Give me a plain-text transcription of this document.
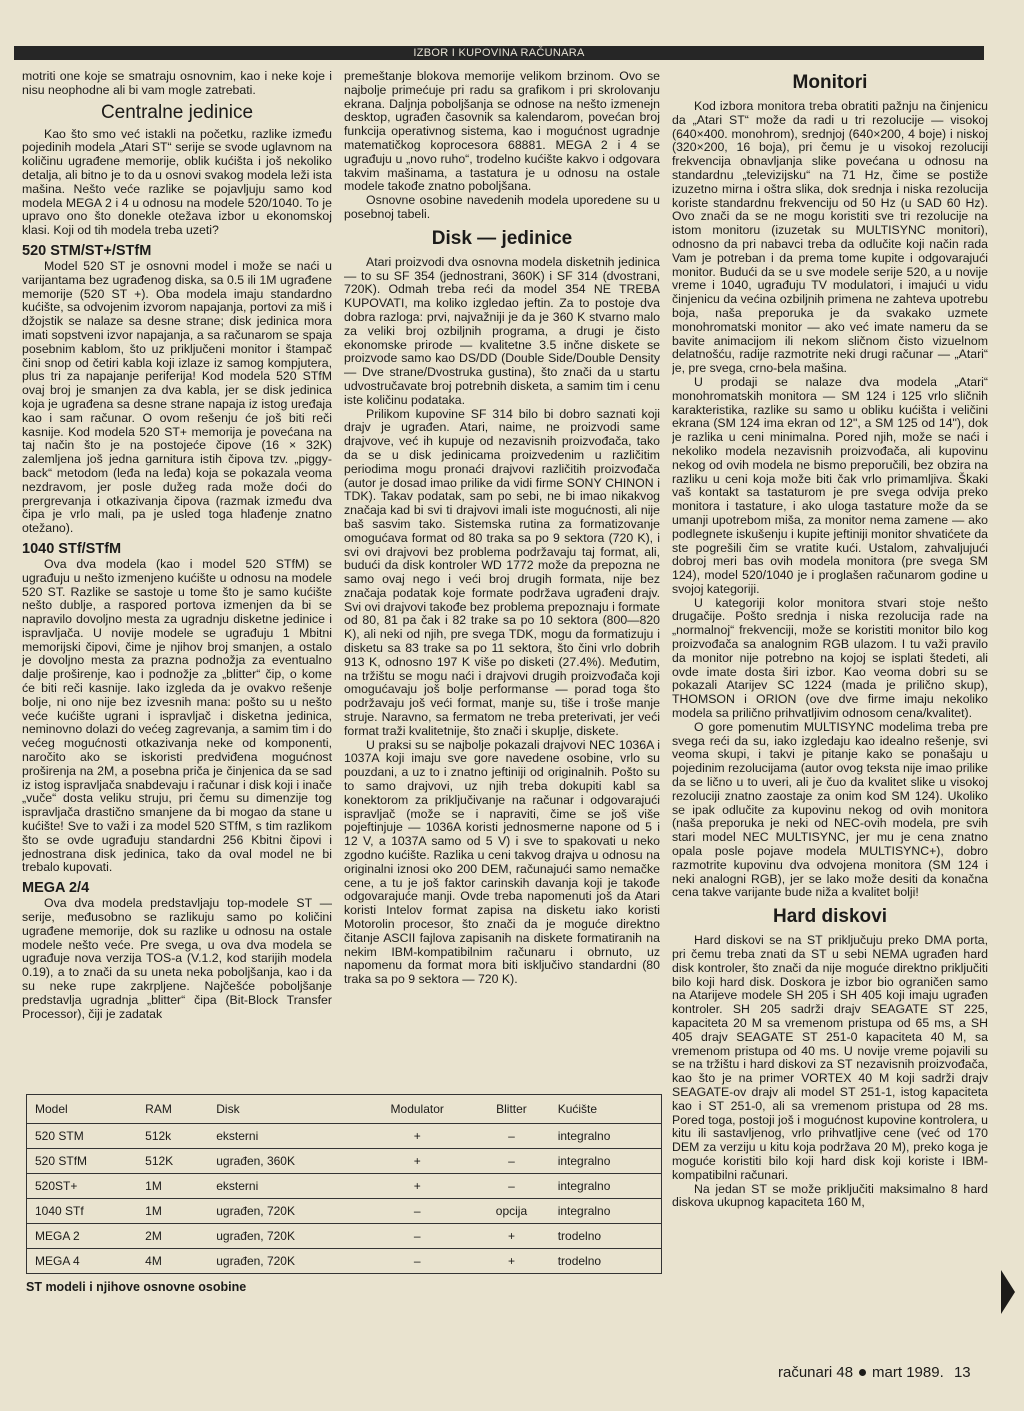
IZBOR I KUPOVINA RAČUNARA

motriti one koje se smatraju osnovnim, kao i neke koje i nisu neophodne ali bi vam mogle zatrebati.

Centralne jedinice

Kao što smo već istakli na početku, razlike između pojedinih modela „Atari ST“ serije se svode uglavnom na količinu ugrađene memorije, oblik kućišta i još nekoliko detalja, ali bitno je to da u osnovi svakog modela leži ista mašina. Nešto veće razlike se pojavljuju samo kod modela MEGA 2 i 4 u odnosu na modele 520/1040. To je upravo ono što donekle otežava izbor u ekonomskoj klasi. Koji od tih modela treba uzeti?

520 STM/ST+/STfM

Model 520 ST je osnovni model i može se naći u varijantama bez ugrađenog diska, sa 0.5 ili 1M ugrađene memorije (520 ST +). Oba modela imaju standardno kućište, sa odvojenim izvorom napajanja, portovi za miš i džojstik se nalaze sa desne strane; disk jedinica mora imati sopstveni izvor napajanja, a sa računarom se spaja posebnim kablom, što uz priključeni monitor i štampač čini snop od četiri kabla koji izlaze iz samog kompjutera, plus tri za napajanje periferija! Kod modela 520 STfM ovaj broj je smanjen za dva kabla, jer se disk jedinica koja je ugrađena sa desne strane napaja iz istog uređaja kao i sam računar. O ovom rešenju će još biti reči kasnije. Kod modela 520 ST+ memorija je povećana na taj način što je na postojeće čipove (16 × 32K) zalemljena još jedna garnitura istih čipova tzv. „piggy-back“ metodom (leđa na leđa) koja se pokazala veoma nezdravom, jer posle dužeg rada može doći do prergrevanja i otkazivanja čipova (razmak između dva čipa je vrlo mali, pa je usled toga hlađenje znatno otežano).

1040 STf/STfM

Ova dva modela (kao i model 520 STfM) se ugrađuju u nešto izmenjeno kućište u odnosu na modele 520 ST. Razlike se sastoje u tome što je samo kućište nešto dublje, a raspored portova izmenjen da bi se napravilo dovoljno mesta za ugradnju disketne jedinice i ispravljača. U novije modele se ugrađuju 1 Mbitni memorijski čipovi, čime je njihov broj smanjen, a ostalo je dovoljno mesta za prazna podnožja za eventualno dalje proširenje, kao i podnožje za „blitter“ čip, o kome će biti reči kasnije. Iako izgleda da je ovakvo rešenje bolje, ni ono nije bez izvesnih mana: pošto su u nešto veće kućište ugrani i ispravljač i disketna jedinica, neminovno dolazi do većeg zagrevanja, a samim tim i do većeg mogućnosti otkazivanja neke od komponenti, naročito ako se iskoristi predviđena mogućnost proširenja na 2M, a posebna priča je činjenica da se sad iz istog ispravljača snabdevaju i računar i disk koji i inače „vuče“ dosta veliku struju, pri čemu su dimenzije tog ispravljača drastično smanjene da bi mogao da stane u kućište! Sve to važi i za model 520 STfM, s tim razlikom što se ovde ugrađuju standardni 256 Kbitni čipovi i jednostrana disk jedinica, tako da oval model ne bi trebalo kupovati.

MEGA 2/4

Ova dva modela predstavljaju top-modele ST — serije, međusobno se razlikuju samo po količini ugrađene memorije, dok su razlike u odnosu na ostale modele nešto veće. Pre svega, u ova dva modela se ugrađuje nova verzija TOS-a (V.1.2, kod starijih modela 0.19), a to znači da su uneta neka poboljšanja, kao i da su neke rupe zakrpljene. Najčešće poboljšanje predstavlja ugradnja „blitter“ čipa (Bit-Block Transfer Processor), čiji je zadatak

premeštanje blokova memorije velikom brzinom. Ovo se najbolje primećuje pri radu sa grafikom i pri skrolovanju ekrana. Daljnja poboljšanja se odnose na nešto izmenejn desktop, ugrađen časovnik sa kalendarom, povećan broj funkcija operativnog sistema, kao i mogućnost ugradnje matematičkog koprocesora 68881. MEGA 2 i 4 se ugrađuju u „novo ruho“, trodelno kućište kakvo i odgovara takvim mašinama, a tastatura je u odnosu na ostale modele takođe znatno poboljšana.

Osnovne osobine navedenih modela uporedene su u posebnoj tabeli.

Disk — jedinice

Atari proizvodi dva osnovna modela disketnih jedinica — to su SF 354 (jednostrani, 360K) i SF 314 (dvostrani, 720K). Odmah treba reći da model 354 NE TREBA KUPOVATI, ma koliko izgledao jeftin. Za to postoje dva dobra razloga: prvi, najvažniji je da je 360 K stvarno malo za veliki broj ozbiljnih programa, a drugi je čisto ekonomske prirode — kvalitetne 3.5 inčne diskete se proizvode samo kao DS/DD (Double Side/Double Density — Dve strane/Dvostruka gustina), što znači da u startu udvostručavate broj potrebnih disketa, a samim tim i cenu iste količinu podataka.

Prilikom kupovine SF 314 bilo bi dobro saznati koji drajv je ugrađen. Atari, naime, ne proizvodi same drajvove, već ih kupuje od nezavisnih proizvođača, tako da se u disk jedinicama proizvedenim u različitim periodima mogu pronaći drajvovi različitih proizvođača (autor je dosad imao prilike da vidi firme SONY CHINON i TDK). Takav podatak, sam po sebi, ne bi imao nikakvog značaja kad bi svi ti drajvovi imali iste mogućnosti, ali nije baš sasvim tako. Sistemska rutina za formatizovanje omogućava format od 80 traka sa po 9 sektora (720 K), i svi ovi drajvovi bez problema podržavaju taj format, ali, budući da disk kontroler WD 1772 može da prepozna ne samo ovaj nego i veći broj drugih formata, nije bez značaja podatak koje formate podržava ugrađeni drajv. Svi ovi drajvovi takođe bez problema prepoznaju i formate od 80, 81 pa čak i 82 trake sa po 10 sektora (800—820 K), ali neki od njih, pre svega TDK, mogu da formatizuju i disketu sa 83 trake sa po 11 sektora, što čini vrlo dobrih 913 K, odnosno 197 K više po disketi (27.4%). Međutim, na tržištu se mogu naći i drajvovi drugih proizvođača koji omogućavaju još bolje performanse — porad toga što podržavaju još veći format, manje su, tiše i troše manje struje. Naravno, sa fermatom ne treba preterivati, jer veći format traži kvalitetnije, što znači i skuplje, diskete.

U praksi su se najbolje pokazali drajvovi NEC 1036A i 1037A koji imaju sve gore navedene osobine, vrlo su pouzdani, a uz to i znatno jeftiniji od originalnih. Pošto su to samo drajvovi, uz njih treba dokupiti kabl sa konektorom za priključivanje na računar i odgovarajući ispravljač (može se i napraviti, čime se još više pojeftinjuje — 1036A koristi jednosmerne napone od 5 i 12 V, a 1037A samo od 5 V) i sve to spakovati u neko zgodno kućište. Razlika u ceni takvog drajva u odnosu na originalni iznosi oko 200 DEM, računajući samo nemačke cene, a tu je još faktor carinskih davanja koji je takođe odgovarajuće manji. Ovde treba napomenuti još da Atari koristi Intelov format zapisa na disketu iako koristi Motorolin procesor, što znači da je moguće direktno čitanje ASCII fajlova zapisanih na diskete formatiranih na nekim IBM-kompatibilnim računaru i obrnuto, uz napomenu da format mora biti isključivo standardni (80 traka sa po 9 sektora — 720 K).

Monitori

Kod izbora monitora treba obratiti pažnju na činjenicu da „Atari ST“ može da radi u tri rezolucije — visokoj (640×400. monohrom), srednjoj (640×200, 4 boje) i niskoj (320×200, 16 boja), pri čemu je u visokoj rezoluciji frekvencija obnavljanja slike povećana u odnosu na standardnu „televizijsku“ na 71 Hz, čime se postiže izuzetno mirna i oštra slika, dok srednja i niska rezolucija koriste standardnu frekvenciju od 50 Hz (u SAD 60 Hz). Ovo znači da se ne mogu koristiti sve tri rezolucije na istom monitoru (izuzetak su MULTISYNC monitori), odnosno da pri nabavci treba da odlučite koji način rada Vam je potreban i da prema tome kupite i odgovarajući monitor. Budući da se u sve modele serije 520, a u novije vreme i 1040, ugrađuju TV modulatori, i imajući u vidu činjenicu da većina ozbiljnih primena ne zahteva upotrebu boja, naša preporuka je da svakako uzmete monohromatski monitor — ako već imate nameru da se bavite animacijom ili nekom sličnom čisto vizuelnom delatnošću, radije razmotrite neki drugi računar — „Atari“ je, pre svega, crno-bela mašina.

U prodaji se nalaze dva modela „Atari“ monohromatskih monitora — SM 124 i 125 vrlo sličnih karakteristika, razlike su samo u obliku kućišta i veličini ekrana (SM 124 ima ekran od 12", a SM 125 od 14"), dok je razlika u ceni minimalna. Pored njih, može se naći i nekoliko modela nezavisnih proizvođača, ali kupovinu nekog od ovih modela ne bismo preporučili, bez obzira na razliku u ceni koja može biti čak vrlo primamljiva. Škaki vaš kontakt sa tastaturom je pre svega odvija preko monitora i tastature, i ako uloga tastature može da se umanji upotrebom miša, za monitor nema zamene — ako podlegnete iskušenju i kupite jeftiniji monitor shvatićete da ste pogrešili čim se vratite kući. Ustalom, zahvaljujući dobroj meri bas ovih modela monitora (pre svega SM 124), model 520/1040 je i proglašen računarom godine u svojoj kategoriji.

U kategoriji kolor monitora stvari stoje nešto drugačije. Pošto srednja i niska rezolucija rade na „normalnoj“ frekvenciji, može se koristiti monitor bilo kog proizvođača sa analognim RGB ulazom. I tu važi pravilo da monitor nije potrebno na kojoj se isplati štedeti, ali ovde imate dosta širi izbor. Kao veoma dobri su se pokazali Atarijev SC 1224 (mada je prilično skup), THOMSON i ORION (ove dve firme imaju nekoliko modela sa prilično prihvatljivim odnosom cena/kvalitet).

O gore pomenutim MULTISYNC modelima treba pre svega reći da su, iako izgledaju kao idealno rešenje, svi veoma skupi, i takvi je pitanje kako se ponašaju u pojedinim rezolucijama (autor ovog teksta nije imao prilike da se lično u to uveri, ali je čuo da kvalitet slike u visokoj rezoluciji znatno zaostaje za onim kod SM 124). Ukoliko se ipak odlučite za kupovinu nekog od ovih monitora (naša preporuka je neki od NEC-ovih modela, pre svih stari model NEC MULTISYNC, jer mu je cena znatno opala posle pojave modela MULTISYNC+), dobro razmotrite kupovinu dva odvojena monitora (SM 124 i neki analogni RGB), jer se lako može desiti da konačna cena takve varijante bude niža a kvalitet bolji!

Hard diskovi

Hard diskovi se na ST priključuju preko DMA porta, pri čemu treba znati da ST u sebi NEMA ugrađen hard disk kontroler, što znači da nije moguće direktno priključiti bilo koji hard disk. Doskora je izbor bio ograničen samo na Atarijeve modele SH 205 i SH 405 koji imaju ugrađen kontroler. SH 205 sadrži drajv SEAGATE ST 225, kapaciteta 20 M sa vremenom pristupa od 65 ms, a SH 405 drajv SEAGATE ST 251-0 kapaciteta 40 M, sa vremenom pristupa od 40 ms. U novije vreme pojavili su se na tržištu i hard diskovi za ST nezavisnih proizvođača, kao što je na primer VORTEX 40 M koji sadrži drajv SEAGATE-ov drajv ali model ST 251-1, istog kapaciteta kao i ST 251-0, ali sa vremenom pristupa od 28 ms. Pored toga, postoji još i mogućnost kupovine kontrolera, u kitu ili sastavljenog, vrlo prihvatljive cene (već od 170 DEM za verziju u kitu koja podržava 20 M), preko koga je moguće koristiti bilo koji hard disk koji koriste i IBM-kompatibilni računari.

Na jedan ST se može priključiti maksimalno 8 hard diskova ukupnog kapaciteta 160 M,

Model	RAM	Disk	Modulator	Blitter	Kućište
520 STM	512k	eksterni	+	–	integralno
520 STfM	512K	ugrađen, 360K	+	–	integralno
520ST+	1M	eksterni	+	–	integralno
1040 STf	1M	ugrađen, 720K	–	opcija	integralno
MEGA 2	2M	ugrađen, 720K	–	+	trodelno
MEGA 4	4M	ugrađen, 720K	–	+	trodelno
ST modeli i njihove osnovne osobine
računari 48 mart 1989. 13
